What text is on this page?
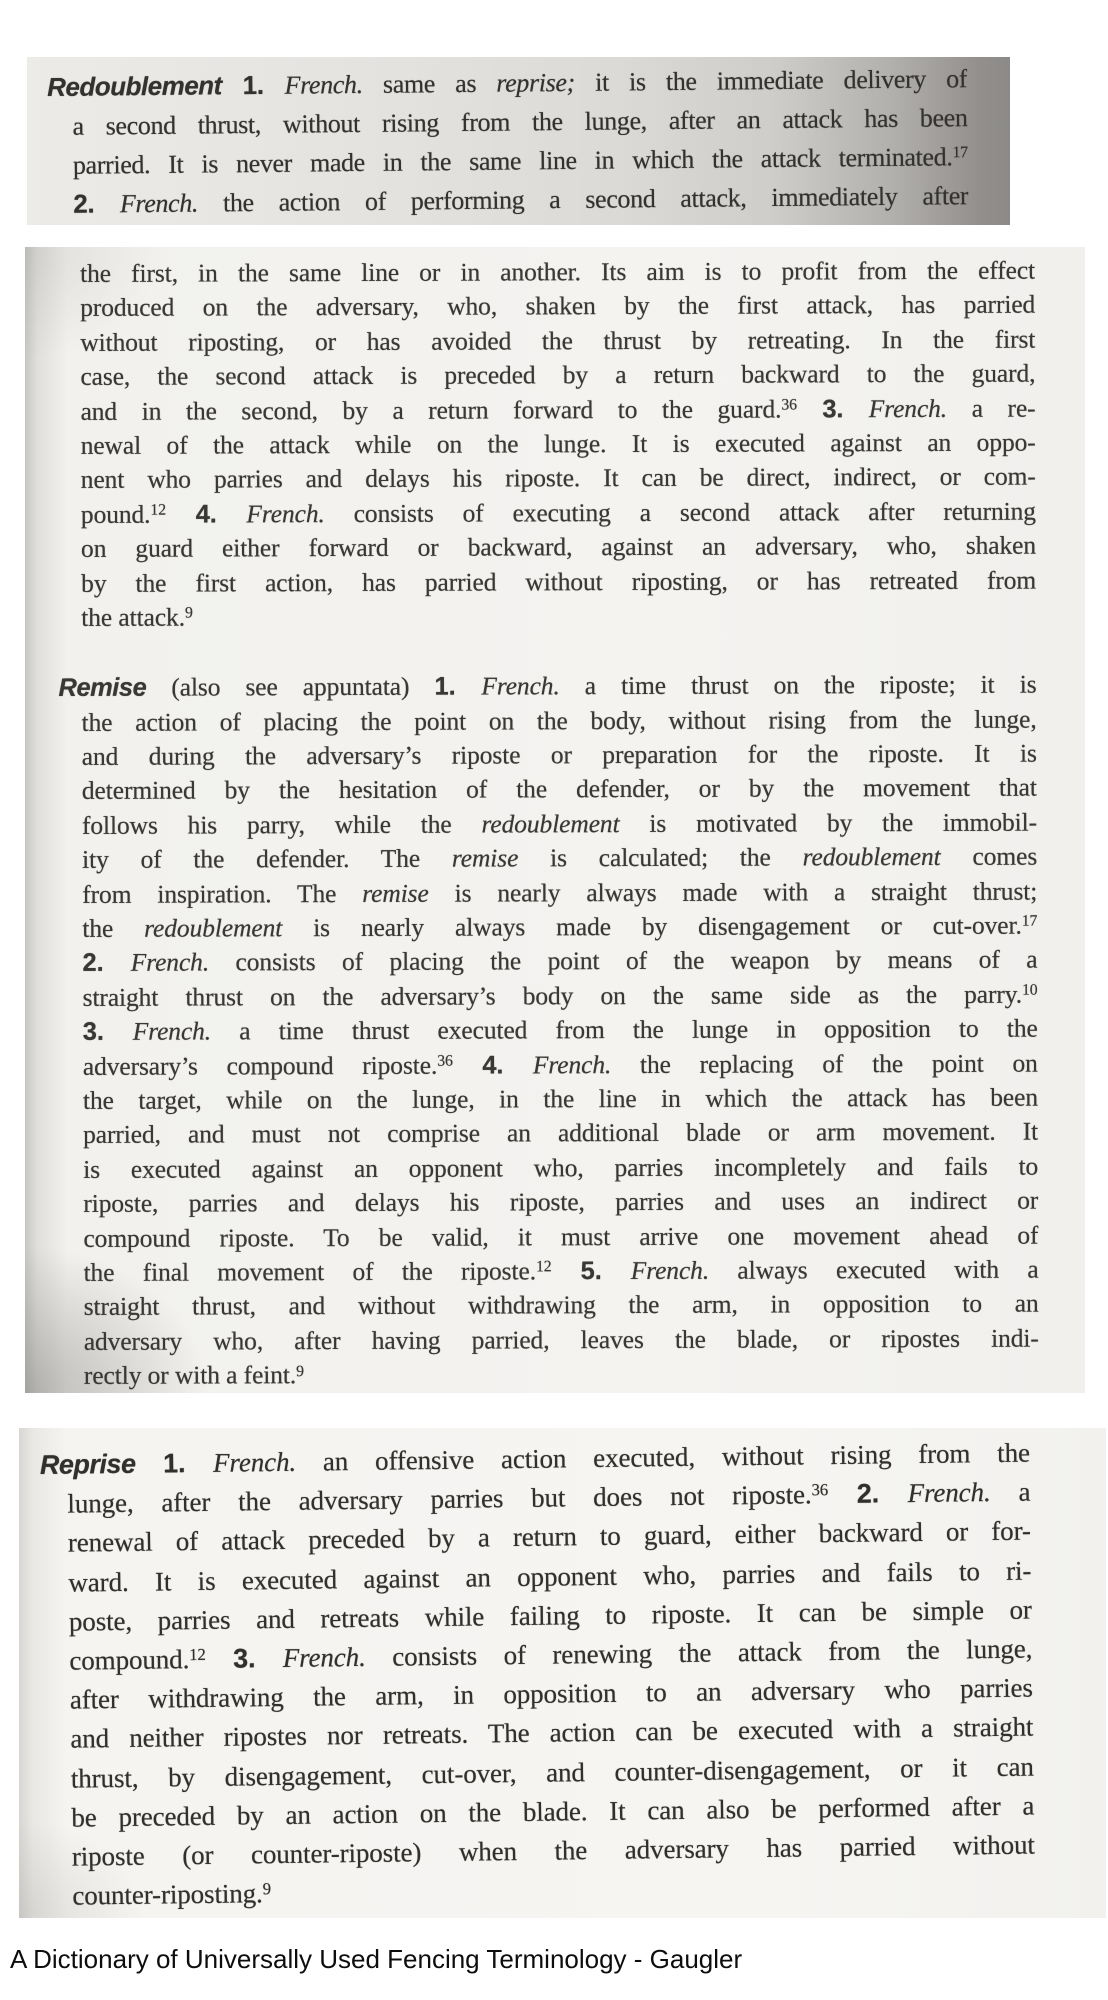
Redoublement 1. French. same as reprise; it is the immediate delivery of
a second thrust, without rising from the lunge, after an attack has been
parried. It is never made in the same line in which the attack terminated.$^{17}$
2. French. the action of performing a second attack, immediately after
the first, in the same line or in another. Its aim is to profit from the effect
produced on the adversary, who, shaken by the first attack, has parried
without riposting, or has avoided the thrust by retreating. In the first
case, the second attack is preceded by a return backward to the guard,
and in the second, by a return forward to the guard.$^{36}$ 3. French. a re-
newal of the attack while on the lunge. It is executed against an oppo-
nent who parries and delays his riposte. It can be direct, indirect, or com-
pound.$^{12}$ 4. French. consists of executing a second attack after returning
on guard either forward or backward, against an adversary, who, shaken
by the first action, has parried without riposting, or has retreated from
the attack.$^9$
Remise (also see appuntata) 1. French. a time thrust on the riposte; it is
the action of placing the point on the body, without rising from the lunge,
and during the adversary’s riposte or preparation for the riposte. It is
determined by the hesitation of the defender, or by the movement that
follows his parry, while the redoublement is motivated by the immobil-
ity of the defender. The remise is calculated; the redoublement comes
from inspiration. The remise is nearly always made with a straight thrust;
the redoublement is nearly always made by disengagement or cut-over.$^{17}$
2. French. consists of placing the point of the weapon by means of a
straight thrust on the adversary’s body on the same side as the parry.$^{10}$
3. French. a time thrust executed from the lunge in opposition to the
adversary’s compound riposte.$^{36}$ 4. French. the replacing of the point on
the target, while on the lunge, in the line in which the attack has been
parried, and must not comprise an additional blade or arm movement. It
is executed against an opponent who, parries incompletely and fails to
riposte, parries and delays his riposte, parries and uses an indirect or
compound riposte. To be valid, it must arrive one movement ahead of
the final movement of the riposte.$^{12}$ 5. French. always executed with a
straight thrust, and without withdrawing the arm, in opposition to an
adversary who, after having parried, leaves the blade, or ripostes indi-
rectly or with a feint.$^9$
Reprise 1. French. an offensive action executed, without rising from the
lunge, after the adversary parries but does not riposte.$^{36}$ 2. French. a
renewal of attack preceded by a return to guard, either backward or for-
ward. It is executed against an opponent who, parries and fails to ri-
poste, parries and retreats while failing to riposte. It can be simple or
compound.$^{12}$ 3. French. consists of renewing the attack from the lunge,
after withdrawing the arm, in opposition to an adversary who parries
and neither ripostes nor retreats. The action can be executed with a straight
thrust, by disengagement, cut-over, and counter-disengagement, or it can
be preceded by an action on the blade. It can also be performed after a
riposte (or counter-riposte) when the adversary has parried without
counter-riposting.$^9$
A Dictionary of Universally Used Fencing Terminology - Gaugler
